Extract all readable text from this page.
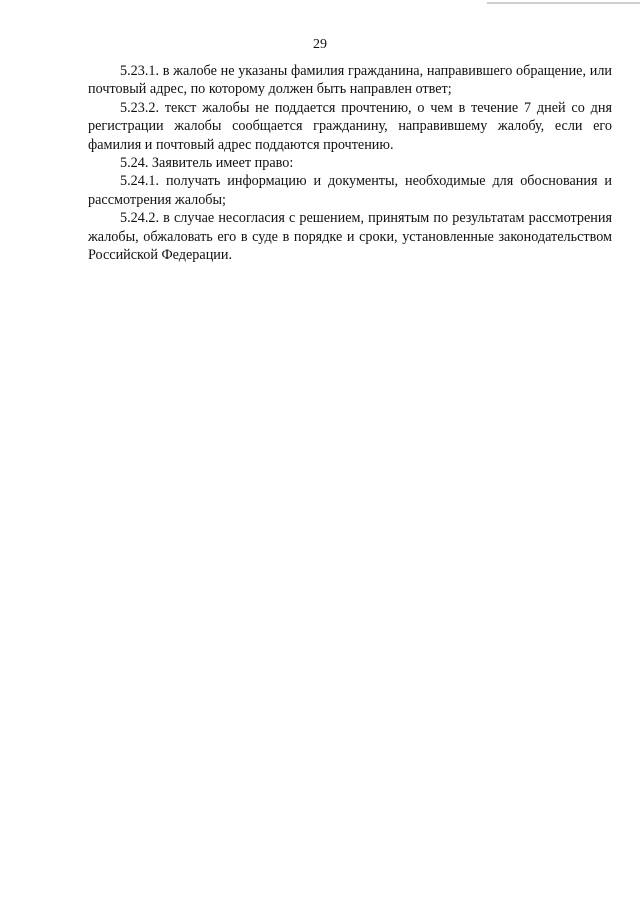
29

5.23.1. в жалобе не указаны фамилия гражданина, направившего обращение, или почтовый адрес, по которому должен быть направлен ответ;

5.23.2. текст жалобы не поддается прочтению, о чем в течение 7 дней со дня регистрации жалобы сообщается гражданину, направившему жалобу, если его фамилия и почтовый адрес поддаются прочтению.

5.24. Заявитель имеет право:

5.24.1. получать информацию и документы, необходимые для обоснования и рассмотрения жалобы;

5.24.2. в случае несогласия с решением, принятым по результатам рассмотрения жалобы, обжаловать его в суде в порядке и сроки, установленные законодательством Российской Федерации.
